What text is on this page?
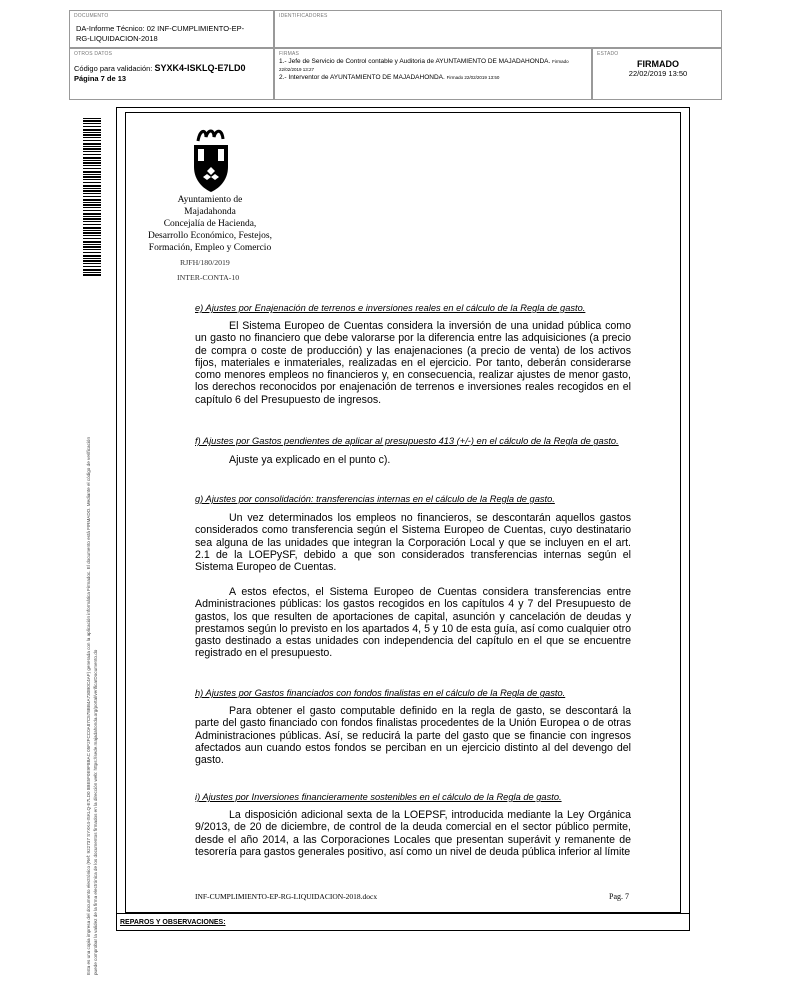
DOCUMENTO
DA-Informe Técnico: 02 INF-CUMPLIMIENTO-EP-RG-LIQUIDACION-2018
IDENTIFICADORES
OTROS DATOS
Código para validación: SYXK4-ISKLQ-E7LD0
Página 7 de 13
FIRMAS
1.- Jefe de Servicio de Control contable y Auditoria de AYUNTAMIENTO DE MAJADAHONDA. Firmado 22/02/2019 13:27
2.- Interventor de AYUNTAMIENTO DE MAJADAHONDA. Firmado 22/02/2019 13:50
ESTADO
FIRMADO
22/02/2019 13:50
Esta es una copia impresa del documento electrónico (Ref: 922737 SYXK4-ISKLQ-E7LD0 8BE5F0E9F8BAC 05F2FCC0A87C578BB4A730B0C4AF) generada con la aplicación informática Firmadoc. El documento está FIRMADO. Mediante el código de verificación puede comprobar la validez de la firma electrónica de los documentos firmados en la dirección web: https://sede.majadahonda.org/portal/verificarDocumento.do
Ayuntamiento de
Majadahonda
Concejalía de Hacienda,
Desarrollo Económico, Festejos,
Formación, Empleo y Comercio
RJFH/180/2019
INTER-CONTA-10
e) Ajustes por Enajenación de terrenos e inversiones reales en el cálculo de la Regla de gasto.
El Sistema Europeo de Cuentas considera la inversión de una unidad pública como un gasto no financiero que debe valorarse por la diferencia entre las adquisiciones (a precio de compra o coste de producción) y las enajenaciones (a precio de venta) de los activos fijos, materiales e inmateriales, realizadas en el ejercicio. Por tanto, deberán considerarse como menores empleos no financieros y, en consecuencia, realizar ajustes de menor gasto, los derechos reconocidos por enajenación de terrenos e inversiones reales recogidos en el capítulo 6 del Presupuesto de ingresos.
f) Ajustes por Gastos pendientes de aplicar al presupuesto 413 (+/-) en el cálculo de la Regla de gasto.
Ajuste ya explicado en el punto c).
g) Ajustes por consolidación: transferencias internas en el cálculo de la Regla de gasto.
Un vez determinados los empleos no financieros, se descontarán aquellos gastos considerados como transferencia según el Sistema Europeo de Cuentas, cuyo destinatario sea alguna de las unidades que integran la Corporación Local y que se incluyen en el art. 2.1 de la LOEPySF, debido a que son considerados transferencias internas según el Sistema Europeo de Cuentas.
A estos efectos, el Sistema Europeo de Cuentas considera transferencias entre Administraciones públicas: los gastos recogidos en los capítulos 4 y 7 del Presupuesto de gastos, los que resulten de aportaciones de capital, asunción y cancelación de deudas y prestamos según lo previsto en los apartados 4, 5 y 10 de esta guía, así como cualquier otro gasto destinado a estas unidades con independencia del capítulo en el que se encuentre registrado en el presupuesto.
h) Ajustes por Gastos financiados con fondos finalistas en el cálculo de la Regla de gasto.
Para obtener el gasto computable definido en la regla de gasto, se descontará la parte del gasto financiado con fondos finalistas procedentes de la Unión Europea o de otras Administraciones públicas. Así, se reducirá la parte del gasto que se financie con ingresos afectados aun cuando estos fondos se perciban en un ejercicio distinto al del devengo del gasto.
i) Ajustes por Inversiones financieramente sostenibles en el cálculo de la Regla de gasto.
La disposición adicional sexta de la LOEPSF, introducida mediante la Ley Orgánica 9/2013, de 20 de diciembre, de control de la deuda comercial en el sector público permite, desde el año 2014, a las Corporaciones Locales que presentan superávit y remanente de tesorería para gastos generales positivo, así como un nivel de deuda pública inferior al límite
INF-CUMPLIMIENTO-EP-RG-LIQUIDACION-2018.docx	Pag. 7
REPAROS Y OBSERVACIONES:
